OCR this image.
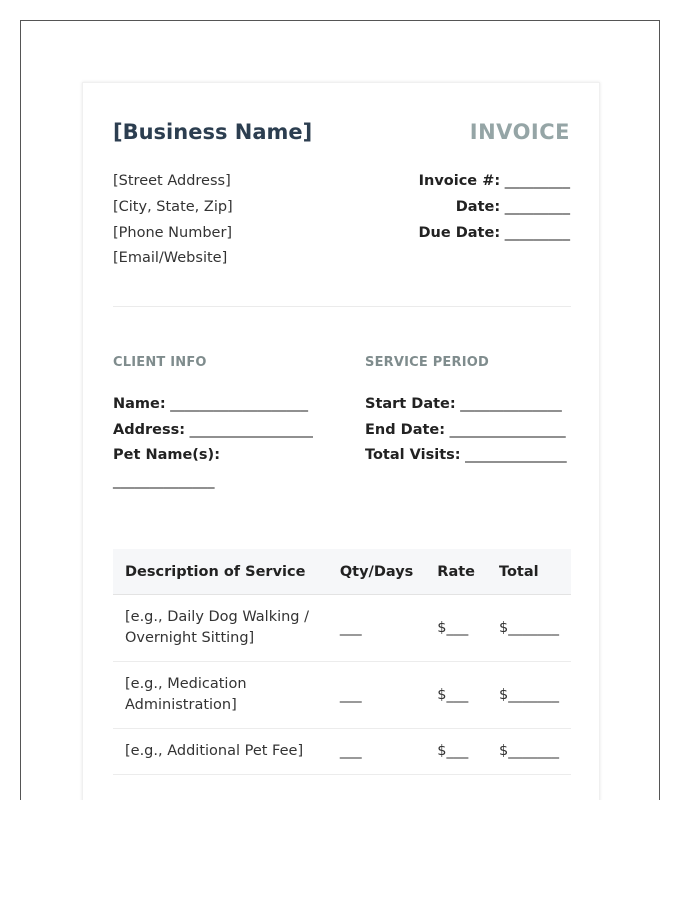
[Business Name]	INVOICE
[Street Address]
[City, State, Zip]
[Phone Number]
[Email/Website]
Invoice #: _________
Date: _________
Due Date: _________
CLIENT INFO	SERVICE PERIOD
Name: ___________________
Address: _________________
Pet Name(s):
______________
Start Date: ______________
End Date: ________________
Total Visits: ______________
Description of Service	Qty/Days	Rate	Total
[e.g., Daily Dog Walking / Overnight Sitting]	___	$___	$_______
[e.g., Medication Administration]	___	$___	$_______
[e.g., Additional Pet Fee]	___	$___	$_______
